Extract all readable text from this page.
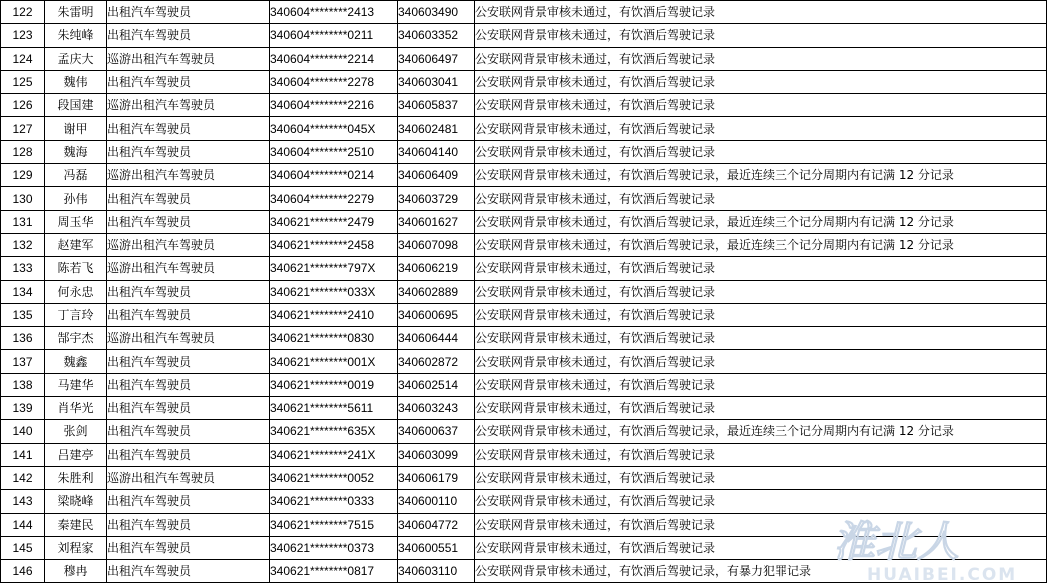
122	朱雷明	出租汽车驾驶员	340604********2413	340603490	公安联网背景审核未通过，有饮酒后驾驶记录
123	朱纯峰	出租汽车驾驶员	340604********0211	340603352	公安联网背景审核未通过，有饮酒后驾驶记录
124	孟庆大	巡游出租汽车驾驶员	340604********2214	340606497	公安联网背景审核未通过，有饮酒后驾驶记录
125	魏伟	出租汽车驾驶员	340604********2278	340603041	公安联网背景审核未通过，有饮酒后驾驶记录
126	段国建	巡游出租汽车驾驶员	340604********2216	340605837	公安联网背景审核未通过，有饮酒后驾驶记录
127	谢甲	出租汽车驾驶员	340604********045X	340602481	公安联网背景审核未通过，有饮酒后驾驶记录
128	魏海	出租汽车驾驶员	340604********2510	340604140	公安联网背景审核未通过，有饮酒后驾驶记录
129	冯磊	巡游出租汽车驾驶员	340604********0214	340606409	公安联网背景审核未通过，有饮酒后驾驶记录，最近连续三个记分周期内有记满 12 分记录
130	孙伟	出租汽车驾驶员	340604********2279	340603729	公安联网背景审核未通过，有饮酒后驾驶记录
131	周玉华	出租汽车驾驶员	340621********2479	340601627	公安联网背景审核未通过，有饮酒后驾驶记录，最近连续三个记分周期内有记满 12 分记录
132	赵建军	巡游出租汽车驾驶员	340621********2458	340607098	公安联网背景审核未通过，有饮酒后驾驶记录，最近连续三个记分周期内有记满 12 分记录
133	陈若飞	巡游出租汽车驾驶员	340621********797X	340606219	公安联网背景审核未通过，有饮酒后驾驶记录
134	何永忠	出租汽车驾驶员	340621********033X	340602889	公安联网背景审核未通过，有饮酒后驾驶记录
135	丁言玲	出租汽车驾驶员	340621********2410	340600695	公安联网背景审核未通过，有饮酒后驾驶记录
136	郜宇杰	巡游出租汽车驾驶员	340621********0830	340606444	公安联网背景审核未通过，有饮酒后驾驶记录
137	魏鑫	出租汽车驾驶员	340621********001X	340602872	公安联网背景审核未通过，有饮酒后驾驶记录
138	马建华	出租汽车驾驶员	340621********0019	340602514	公安联网背景审核未通过，有饮酒后驾驶记录
139	肖华光	出租汽车驾驶员	340621********5611	340603243	公安联网背景审核未通过，有饮酒后驾驶记录
140	张剑	出租汽车驾驶员	340621********635X	340600637	公安联网背景审核未通过，有饮酒后驾驶记录，最近连续三个记分周期内有记满 12 分记录
141	吕建亭	出租汽车驾驶员	340621********241X	340603099	公安联网背景审核未通过，有饮酒后驾驶记录
142	朱胜利	巡游出租汽车驾驶员	340621********0052	340606179	公安联网背景审核未通过，有饮酒后驾驶记录
143	梁晓峰	出租汽车驾驶员	340621********0333	340600110	公安联网背景审核未通过，有饮酒后驾驶记录
144	秦建民	出租汽车驾驶员	340621********7515	340604772	公安联网背景审核未通过，有饮酒后驾驶记录
145	刘程家	出租汽车驾驶员	340621********0373	340600551	公安联网背景审核未通过，有饮酒后驾驶记录
146	穆冉	出租汽车驾驶员	340621********0817	340603110	公安联网背景审核未通过，有饮酒后驾驶记录，有暴力犯罪记录
淮北人
HUAIBEI.COM
